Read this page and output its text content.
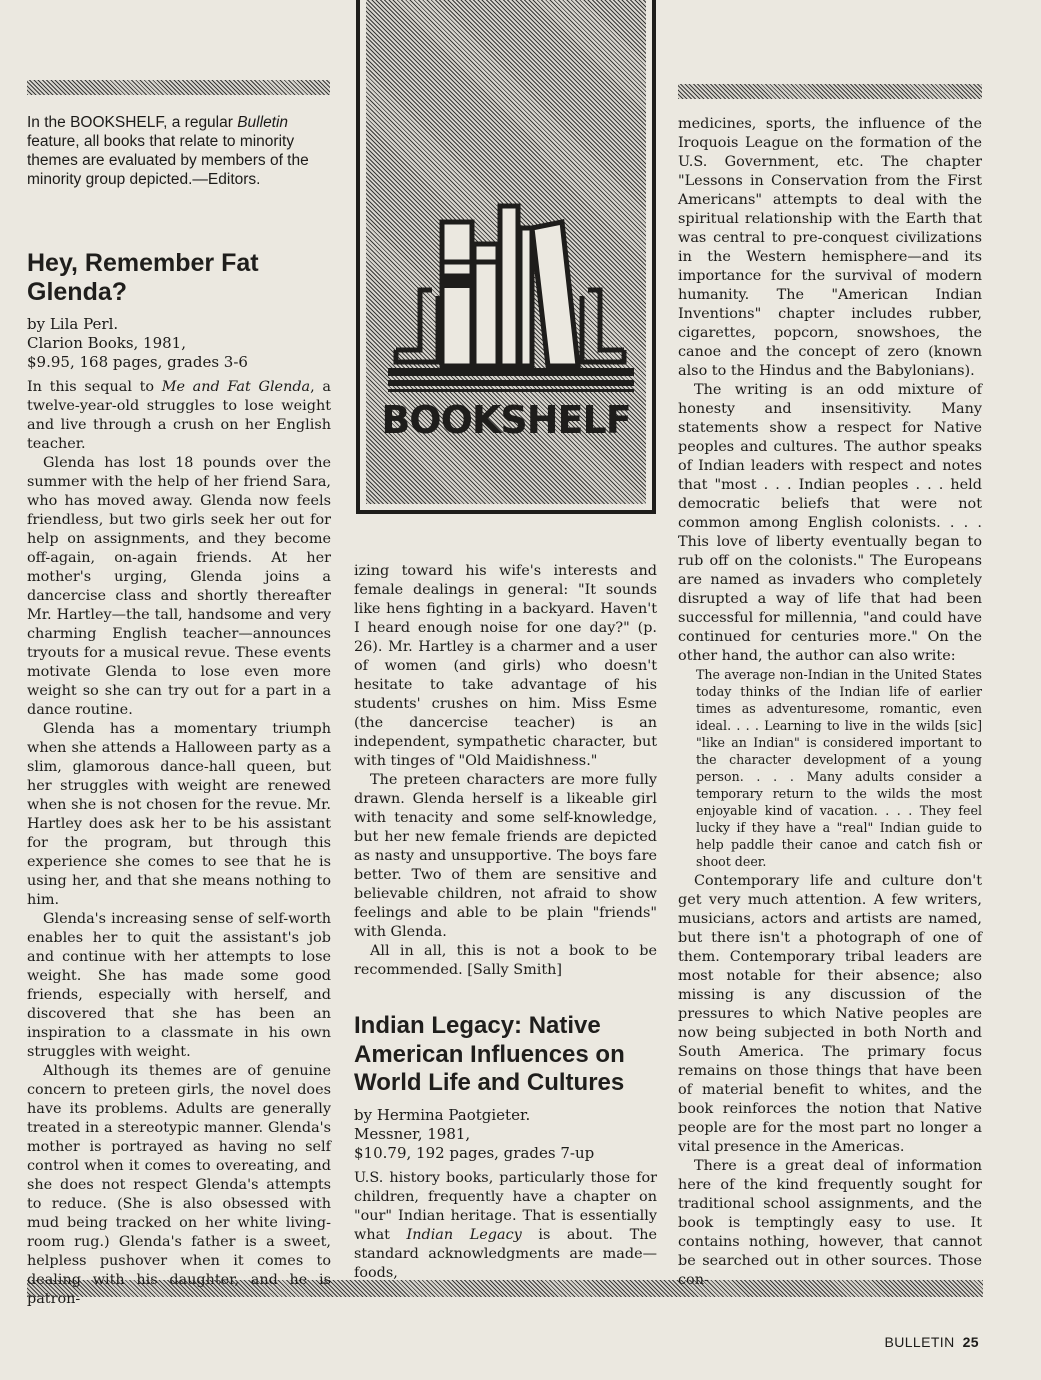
In the BOOKSHELF, a regular Bulletin feature, all books that relate to minority themes are evaluated by members of the minority group depicted.—Editors.
Hey, Remember Fat Glenda?
by Lila Perl.
Clarion Books, 1981,
$9.95, 168 pages, grades 3-6

In this sequal to Me and Fat Glenda, a twelve-year-old struggles to lose weight and live through a crush on her English teacher.

Glenda has lost 18 pounds over the summer with the help of her friend Sara, who has moved away. Glenda now feels friendless, but two girls seek her out for help on assignments, and they become off-again, on-again friends. At her mother's urging, Glenda joins a dancercise class and shortly thereafter Mr. Hartley—the tall, handsome and very charming English teacher—announces tryouts for a musical revue. These events motivate Glenda to lose even more weight so she can try out for a part in a dance routine.

Glenda has a momentary triumph when she attends a Halloween party as a slim, glamorous dance-hall queen, but her struggles with weight are renewed when she is not chosen for the revue. Mr. Hartley does ask her to be his assistant for the program, but through this experience she comes to see that he is using her, and that she means nothing to him.

Glenda's increasing sense of self-worth enables her to quit the assistant's job and continue with her attempts to lose weight. She has made some good friends, especially with herself, and discovered that she has been an inspiration to a classmate in his own struggles with weight.

Although its themes are of genuine concern to preteen girls, the novel does have its problems. Adults are generally treated in a stereotypic manner. Glenda's mother is portrayed as having no self control when it comes to overeating, and she does not respect Glenda's attempts to reduce. (She is also obsessed with mud being tracked on her white living-room rug.) Glenda's father is a sweet, helpless pushover when it comes to dealing with his daughter, and he is patron-

BOOKSHELF

izing toward his wife's interests and female dealings in general: "It sounds like hens fighting in a backyard. Haven't I heard enough noise for one day?" (p. 26). Mr. Hartley is a charmer and a user of women (and girls) who doesn't hesitate to take advantage of his students' crushes on him. Miss Esme (the dancercise teacher) is an independent, sympathetic character, but with tinges of "Old Maidishness."

The preteen characters are more fully drawn. Glenda herself is a likeable girl with tenacity and some self-knowledge, but her new female friends are depicted as nasty and unsupportive. The boys fare better. Two of them are sensitive and believable children, not afraid to show feelings and able to be plain "friends" with Glenda.

All in all, this is not a book to be recommended. [Sally Smith]

Indian Legacy: Native American Influences on World Life and Cultures
by Hermina Paotgieter.
Messner, 1981,
$10.79, 192 pages, grades 7-up

U.S. history books, particularly those for children, frequently have a chapter on "our" Indian heritage. That is essentially what Indian Legacy is about. The standard acknowledgments are made—foods,

medicines, sports, the influence of the Iroquois League on the formation of the U.S. Government, etc. The chapter "Lessons in Conservation from the First Americans" attempts to deal with the spiritual relationship with the Earth that was central to pre-conquest civilizations in the Western hemisphere—and its importance for the survival of modern humanity. The "American Indian Inventions" chapter includes rubber, cigarettes, popcorn, snowshoes, the canoe and the concept of zero (known also to the Hindus and the Babylonians).

The writing is an odd mixture of honesty and insensitivity. Many statements show a respect for Native peoples and cultures. The author speaks of Indian leaders with respect and notes that "most . . . Indian peoples . . . held democratic beliefs that were not common among English colonists. . . . This love of liberty eventually began to rub off on the colonists." The Europeans are named as invaders who completely disrupted a way of life that had been successful for millennia, "and could have continued for centuries more." On the other hand, the author can also write:

The average non-Indian in the United States today thinks of the Indian life of earlier times as adventuresome, romantic, even ideal. . . . Learning to live in the wilds [sic] "like an Indian" is considered important to the character development of a young person. . . . Many adults consider a temporary return to the wilds the most enjoyable kind of vacation. . . . They feel lucky if they have a "real" Indian guide to help paddle their canoe and catch fish or shoot deer.

Contemporary life and culture don't get very much attention. A few writers, musicians, actors and artists are named, but there isn't a photograph of one of them. Contemporary tribal leaders are most notable for their absence; also missing is any discussion of the pressures to which Native peoples are now being subjected in both North and South America. The primary focus remains on those things that have been of material benefit to whites, and the book reinforces the notion that Native people are for the most part no longer a vital presence in the Americas.

There is a great deal of information here of the kind frequently sought for traditional school assignments, and the book is temptingly easy to use. It contains nothing, however, that cannot be searched out in other sources. Those con-

BULLETIN 25
